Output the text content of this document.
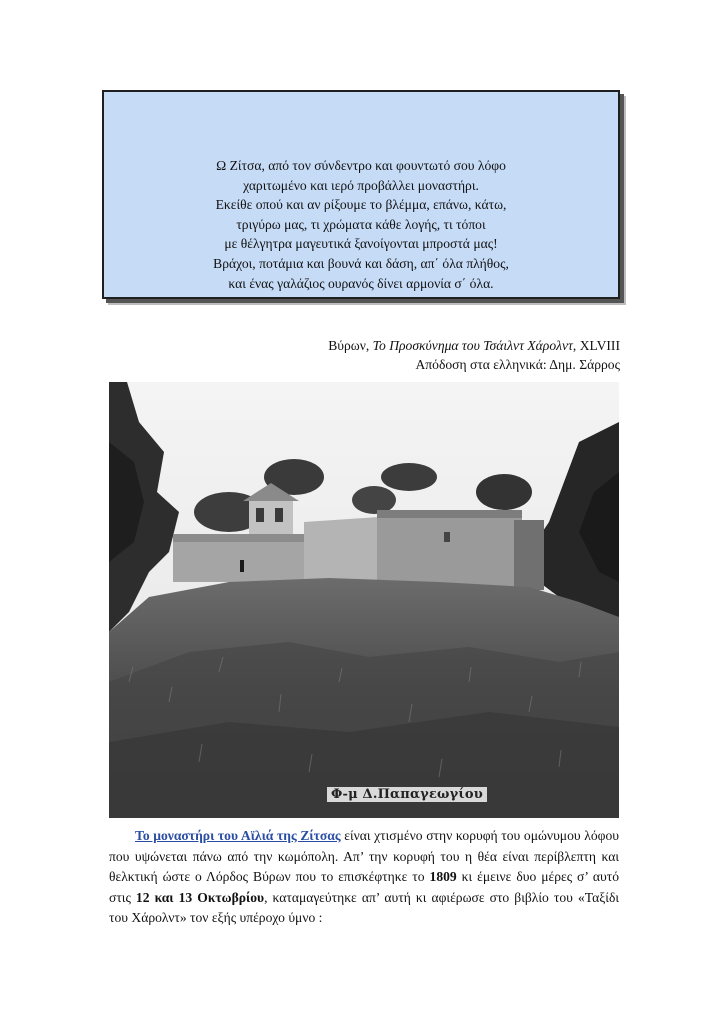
Ω Ζίτσα, από τον σύνδεντρο και φουντωτό σου λόφο
χαριτωμένο και ιερό προβάλλει μοναστήρι.
Εκείθε οπού και αν ρίξουμε το βλέμμα, επάνω, κάτω,
τριγύρω μας, τι χρώματα κάθε λογής, τι τόποι
με θέλγητρα μαγευτικά ξανοίγονται μπροστά μας!
Βράχοι, ποτάμια και βουνά και δάση, απ΄ όλα πλήθος,
και ένας γαλάζιος ουρανός δίνει αρμονία σ΄ όλα.
Βύρων, Το Προσκύνημα του Τσάιλντ Χάρολντ, XLVIII
Απόδοση στα ελληνικά: Δημ. Σάρρος
Φ-μ Δ.Παπαγεωγίου
Το μοναστήρι του Αϊλιά της Ζίτσας είναι χτισμένο στην κορυφή του ομώνυμου λόφου που υψώνεται πάνω από την κωμόπολη. Απ’ την κορυφή του η θέα είναι περίβλεπτη και θελκτική ώστε ο Λόρδος Βύρων που το επισκέφτηκε το 1809 κι έμεινε δυο μέρες σ’ αυτό στις 12 και 13 Οκτωβρίου, καταμαγεύτηκε απ’ αυτή κι αφιέρωσε στο βιβλίο του «Ταξίδι του Χάρολντ» τον εξής υπέροχο ύμνο :
